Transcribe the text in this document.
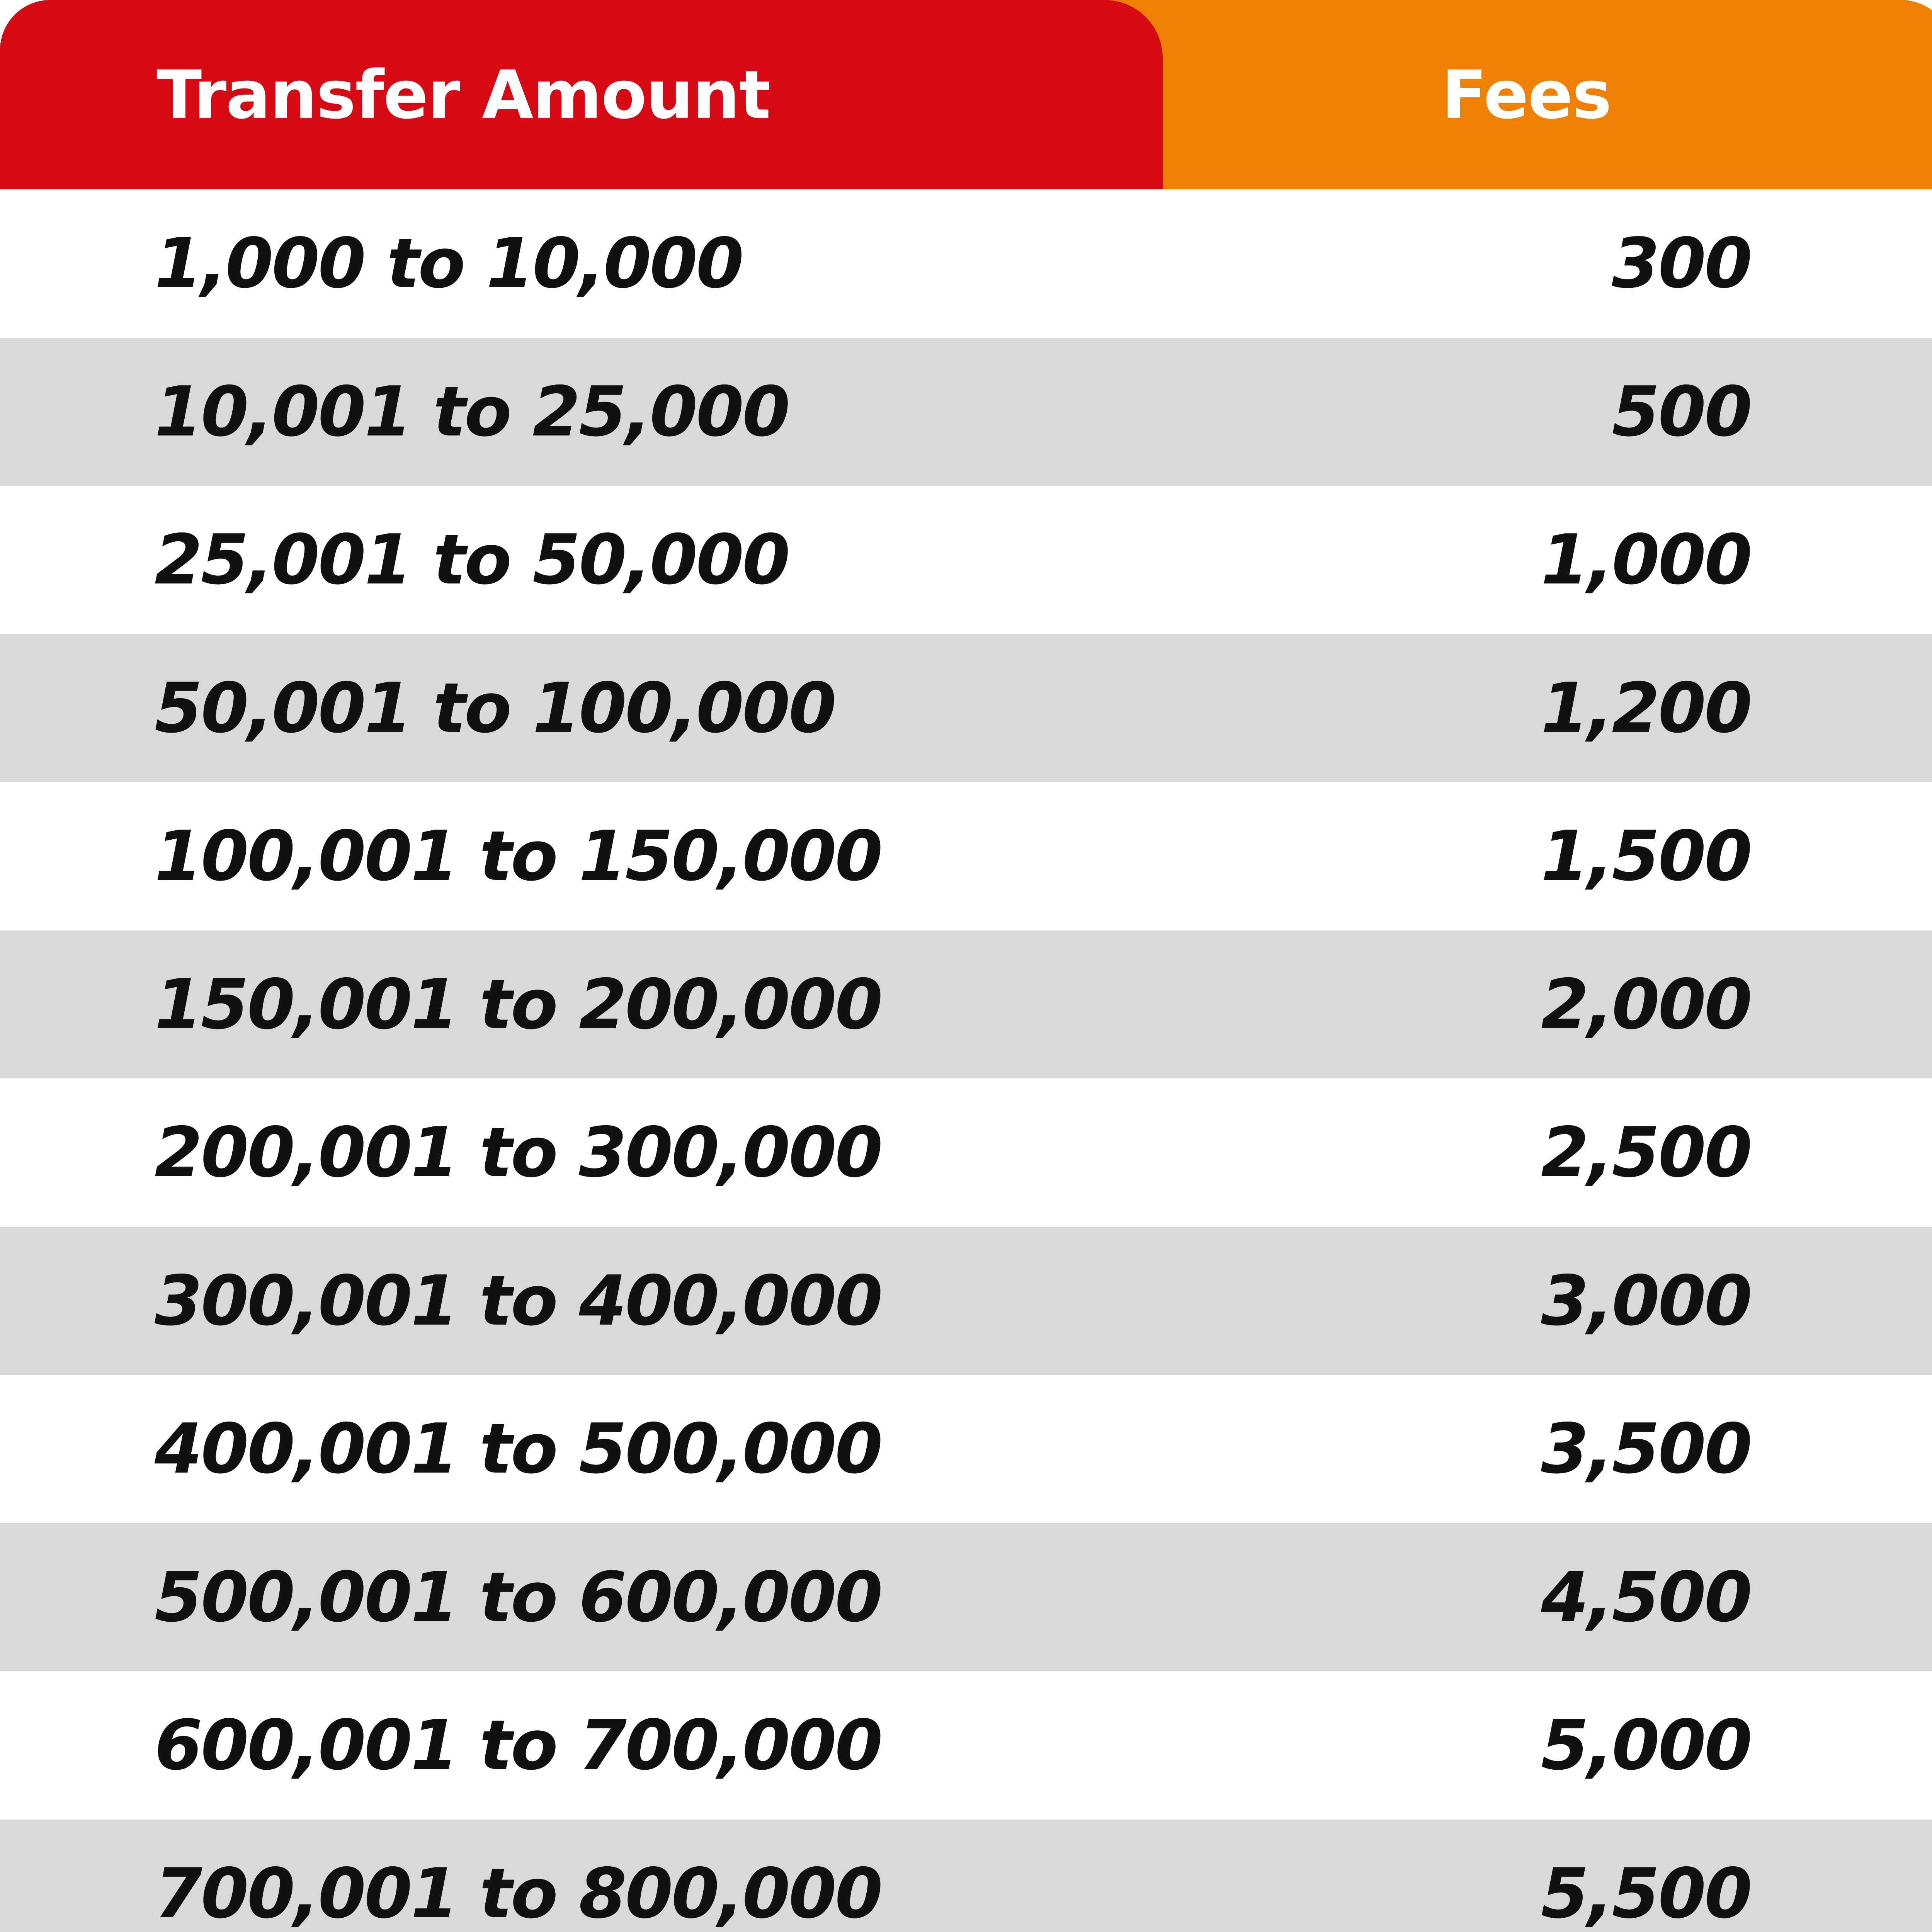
Transfer Amount	Fees
1,000 to 10,000	300
10,001 to 25,000	500
25,001 to 50,000	1,000
50,001 to 100,000	1,200
100,001 to 150,000	1,500
150,001 to 200,000	2,000
200,001 to 300,000	2,500
300,001 to 400,000	3,000
400,001 to 500,000	3,500
500,001 to 600,000	4,500
600,001 to 700,000	5,000
700,001 to 800,000	5,500
